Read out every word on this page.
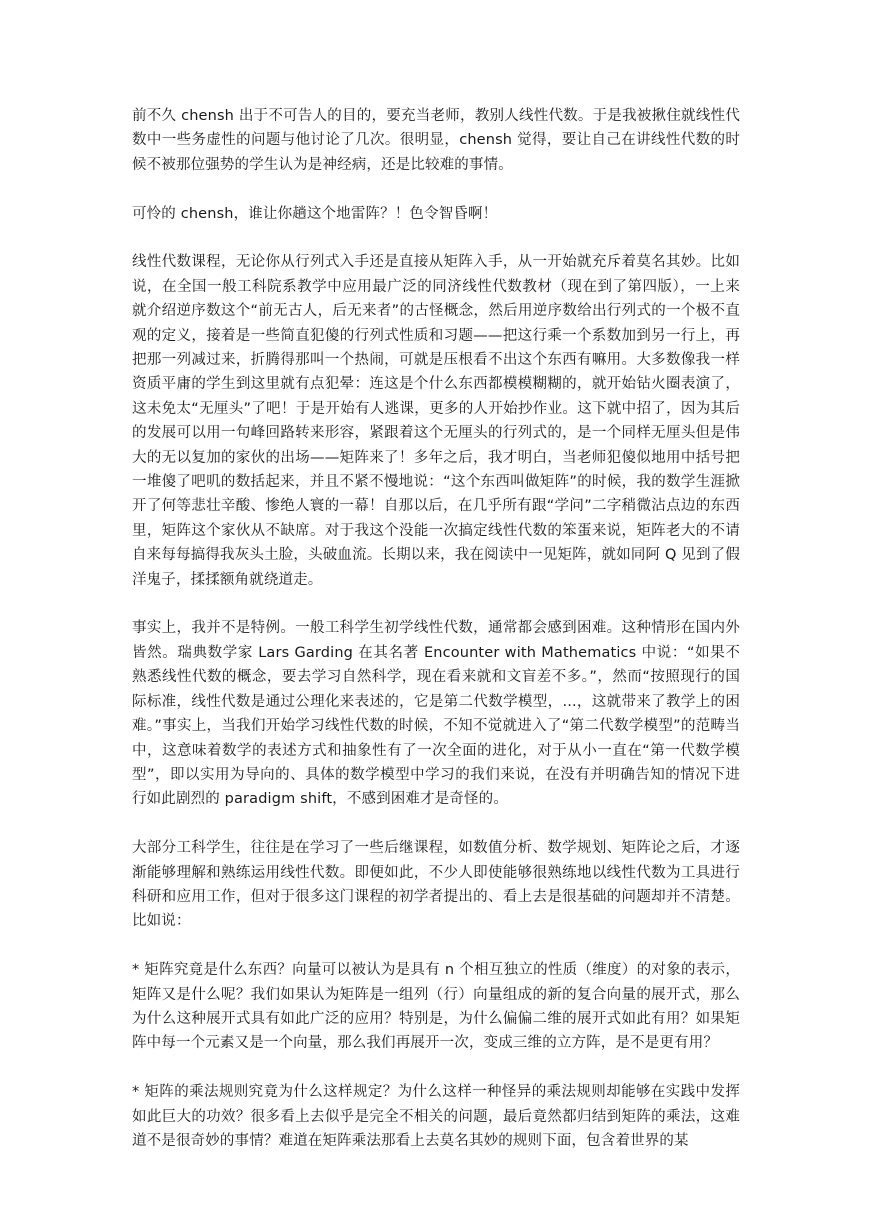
前不久 chensh 出于不可告人的目的，要充当老师，教别人线性代数。于是我被揪住就线性代数中一些务虚性的问题与他讨论了几次。很明显，chensh 觉得，要让自己在讲线性代数的时候不被那位强势的学生认为是神经病，还是比较难的事情。

可怜的 chensh，谁让你趟这个地雷阵？！色令智昏啊！

线性代数课程，无论你从行列式入手还是直接从矩阵入手，从一开始就充斥着莫名其妙。比如说，在全国一般工科院系教学中应用最广泛的同济线性代数教材（现在到了第四版），一上来就介绍逆序数这个“前无古人，后无来者”的古怪概念，然后用逆序数给出行列式的一个极不直观的定义，接着是一些简直犯傻的行列式性质和习题——把这行乘一个系数加到另一行上，再把那一列减过来，折腾得那叫一个热闹，可就是压根看不出这个东西有嘛用。大多数像我一样资质平庸的学生到这里就有点犯晕：连这是个什么东西都模模糊糊的，就开始钻火圈表演了，这未免太“无厘头”了吧！于是开始有人逃课，更多的人开始抄作业。这下就中招了，因为其后的发展可以用一句峰回路转来形容，紧跟着这个无厘头的行列式的，是一个同样无厘头但是伟大的无以复加的家伙的出场——矩阵来了！多年之后，我才明白，当老师犯傻似地用中括号把一堆傻了吧叽的数括起来，并且不紧不慢地说：“这个东西叫做矩阵”的时候，我的数学生涯掀开了何等悲壮辛酸、惨绝人寰的一幕！自那以后，在几乎所有跟“学问”二字稍微沾点边的东西里，矩阵这个家伙从不缺席。对于我这个没能一次搞定线性代数的笨蛋来说，矩阵老大的不请自来每每搞得我灰头土脸，头破血流。长期以来，我在阅读中一见矩阵，就如同阿 Q 见到了假洋鬼子，揉揉额角就绕道走。

事实上，我并不是特例。一般工科学生初学线性代数，通常都会感到困难。这种情形在国内外皆然。瑞典数学家 Lars Garding 在其名著 Encounter with Mathematics 中说：“如果不熟悉线性代数的概念，要去学习自然科学，现在看来就和文盲差不多。”，然而“按照现行的国际标准，线性代数是通过公理化来表述的，它是第二代数学模型，...，这就带来了教学上的困难。”事实上，当我们开始学习线性代数的时候，不知不觉就进入了“第二代数学模型”的范畴当中，这意味着数学的表述方式和抽象性有了一次全面的进化，对于从小一直在“第一代数学模型”，即以实用为导向的、具体的数学模型中学习的我们来说，在没有并明确告知的情况下进行如此剧烈的 paradigm shift，不感到困难才是奇怪的。

大部分工科学生，往往是在学习了一些后继课程，如数值分析、数学规划、矩阵论之后，才逐渐能够理解和熟练运用线性代数。即便如此，不少人即使能够很熟练地以线性代数为工具进行科研和应用工作，但对于很多这门课程的初学者提出的、看上去是很基础的问题却并不清楚。比如说：

* 矩阵究竟是什么东西？向量可以被认为是具有 n 个相互独立的性质（维度）的对象的表示，矩阵又是什么呢？我们如果认为矩阵是一组列（行）向量组成的新的复合向量的展开式，那么为什么这种展开式具有如此广泛的应用？特别是，为什么偏偏二维的展开式如此有用？如果矩阵中每一个元素又是一个向量，那么我们再展开一次，变成三维的立方阵，是不是更有用？

* 矩阵的乘法规则究竟为什么这样规定？为什么这样一种怪异的乘法规则却能够在实践中发挥如此巨大的功效？很多看上去似乎是完全不相关的问题，最后竟然都归结到矩阵的乘法，这难道不是很奇妙的事情？难道在矩阵乘法那看上去莫名其妙的规则下面，包含着世界的某
